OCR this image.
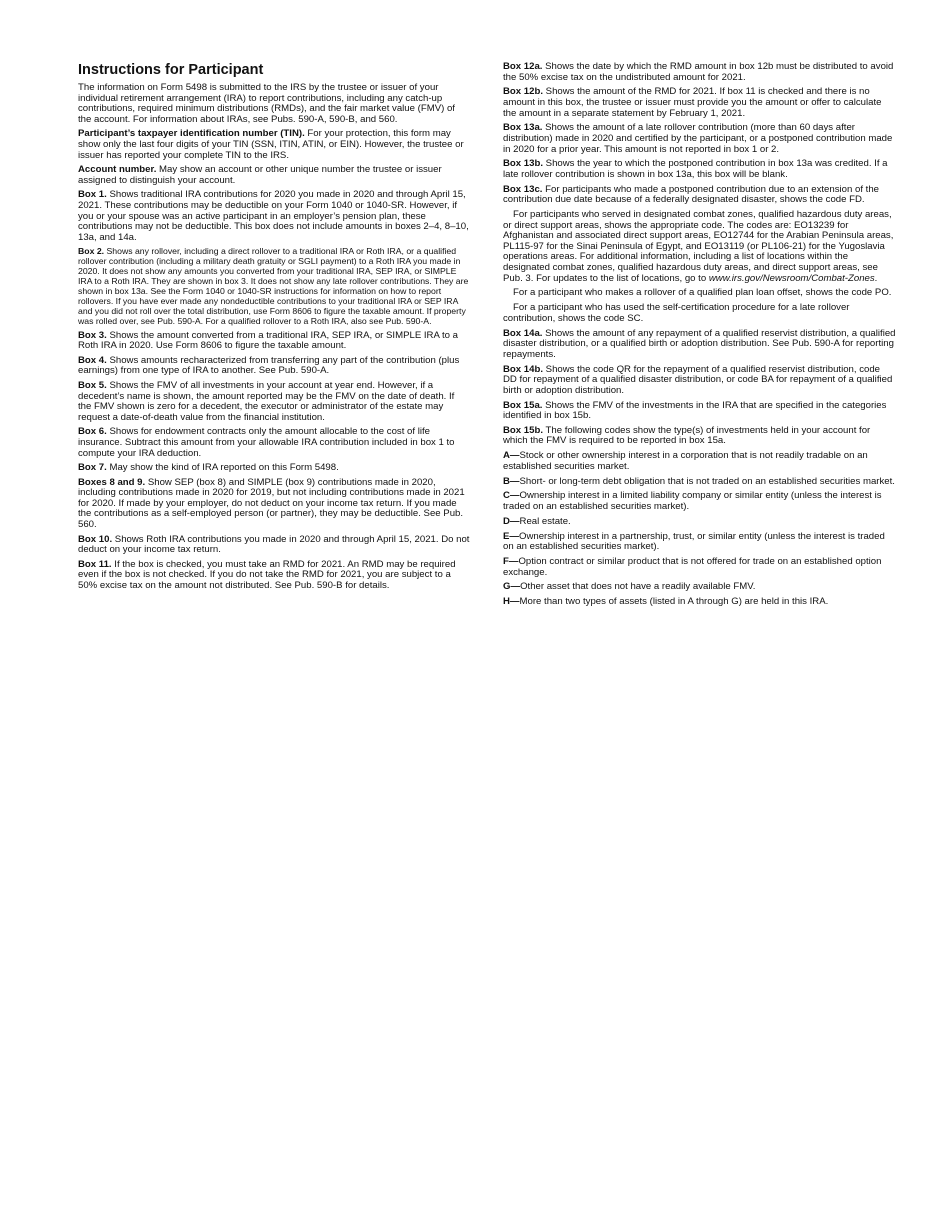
Instructions for Participant

The information on Form 5498 is submitted to the IRS by the trustee or issuer of your individual retirement arrangement (IRA) to report contributions, including any catch-up contributions, required minimum distributions (RMDs), and the fair market value (FMV) of the account. For information about IRAs, see Pubs. 590-A, 590-B, and 560.

Participant’s taxpayer identification number (TIN). For your protection, this form may show only the last four digits of your TIN (SSN, ITIN, ATIN, or EIN). However, the trustee or issuer has reported your complete TIN to the IRS.

Account number. May show an account or other unique number the trustee or issuer assigned to distinguish your account.

Box 1. Shows traditional IRA contributions for 2020 you made in 2020 and through April 15, 2021. These contributions may be deductible on your Form 1040 or 1040-SR. However, if you or your spouse was an active participant in an employer’s pension plan, these contributions may not be deductible. This box does not include amounts in boxes 2–4, 8–10, 13a, and 14a.

Box 2. Shows any rollover, including a direct rollover to a traditional IRA or Roth IRA, or a qualified rollover contribution (including a military death gratuity or SGLI payment) to a Roth IRA you made in 2020. It does not show any amounts you converted from your traditional IRA, SEP IRA, or SIMPLE IRA to a Roth IRA. They are shown in box 3. It does not show any late rollover contributions. They are shown in box 13a. See the Form 1040 or 1040-SR instructions for information on how to report rollovers. If you have ever made any nondeductible contributions to your traditional IRA or SEP IRA and you did not roll over the total distribution, use Form 8606 to figure the taxable amount. If property was rolled over, see Pub. 590-A. For a qualified rollover to a Roth IRA, also see Pub. 590-A.

Box 3. Shows the amount converted from a traditional IRA, SEP IRA, or SIMPLE IRA to a Roth IRA in 2020. Use Form 8606 to figure the taxable amount.

Box 4. Shows amounts recharacterized from transferring any part of the contribution (plus earnings) from one type of IRA to another. See Pub. 590-A.

Box 5. Shows the FMV of all investments in your account at year end. However, if a decedent’s name is shown, the amount reported may be the FMV on the date of death. If the FMV shown is zero for a decedent, the executor or administrator of the estate may request a date-of-death value from the financial institution.

Box 6. Shows for endowment contracts only the amount allocable to the cost of life insurance. Subtract this amount from your allowable IRA contribution included in box 1 to compute your IRA deduction.

Box 7. May show the kind of IRA reported on this Form 5498.

Boxes 8 and 9. Show SEP (box 8) and SIMPLE (box 9) contributions made in 2020, including contributions made in 2020 for 2019, but not including contributions made in 2021 for 2020. If made by your employer, do not deduct on your income tax return. If you made the contributions as a self-employed person (or partner), they may be deductible. See Pub. 560.

Box 10. Shows Roth IRA contributions you made in 2020 and through April 15, 2021. Do not deduct on your income tax return.

Box 11. If the box is checked, you must take an RMD for 2021. An RMD may be required even if the box is not checked. If you do not take the RMD for 2021, you are subject to a 50% excise tax on the amount not distributed. See Pub. 590-B for details.

Box 12a. Shows the date by which the RMD amount in box 12b must be distributed to avoid the 50% excise tax on the undistributed amount for 2021.

Box 12b. Shows the amount of the RMD for 2021. If box 11 is checked and there is no amount in this box, the trustee or issuer must provide you the amount or offer to calculate the amount in a separate statement by February 1, 2021.

Box 13a. Shows the amount of a late rollover contribution (more than 60 days after distribution) made in 2020 and certified by the participant, or a postponed contribution made in 2020 for a prior year. This amount is not reported in box 1 or 2.

Box 13b. Shows the year to which the postponed contribution in box 13a was credited. If a late rollover contribution is shown in box 13a, this box will be blank.

Box 13c. For participants who made a postponed contribution due to an extension of the contribution due date because of a federally designated disaster, shows the code FD.

For participants who served in designated combat zones, qualified hazardous duty areas, or direct support areas, shows the appropriate code. The codes are: EO13239 for Afghanistan and associated direct support areas, EO12744 for the Arabian Peninsula areas, PL115-97 for the Sinai Peninsula of Egypt, and EO13119 (or PL106-21) for the Yugoslavia operations areas. For additional information, including a list of locations within the designated combat zones, qualified hazardous duty areas, and direct support areas, see Pub. 3. For updates to the list of locations, go to www.irs.gov/Newsroom/Combat-Zones.

For a participant who makes a rollover of a qualified plan loan offset, shows the code PO.

For a participant who has used the self-certification procedure for a late rollover contribution, shows the code SC.

Box 14a. Shows the amount of any repayment of a qualified reservist distribution, a qualified disaster distribution, or a qualified birth or adoption distribution. See Pub. 590-A for reporting repayments.

Box 14b. Shows the code QR for the repayment of a qualified reservist distribution, code DD for repayment of a qualified disaster distribution, or code BA for repayment of a qualified birth or adoption distribution.

Box 15a. Shows the FMV of the investments in the IRA that are specified in the categories identified in box 15b.

Box 15b. The following codes show the type(s) of investments held in your account for which the FMV is required to be reported in box 15a.

A—Stock or other ownership interest in a corporation that is not readily tradable on an established securities market.

B—Short- or long-term debt obligation that is not traded on an established securities market.

C—Ownership interest in a limited liability company or similar entity (unless the interest is traded on an established securities market).

D—Real estate.

E—Ownership interest in a partnership, trust, or similar entity (unless the interest is traded on an established securities market).

F—Option contract or similar product that is not offered for trade on an established option exchange.

G—Other asset that does not have a readily available FMV.

H—More than two types of assets (listed in A through G) are held in this IRA.
